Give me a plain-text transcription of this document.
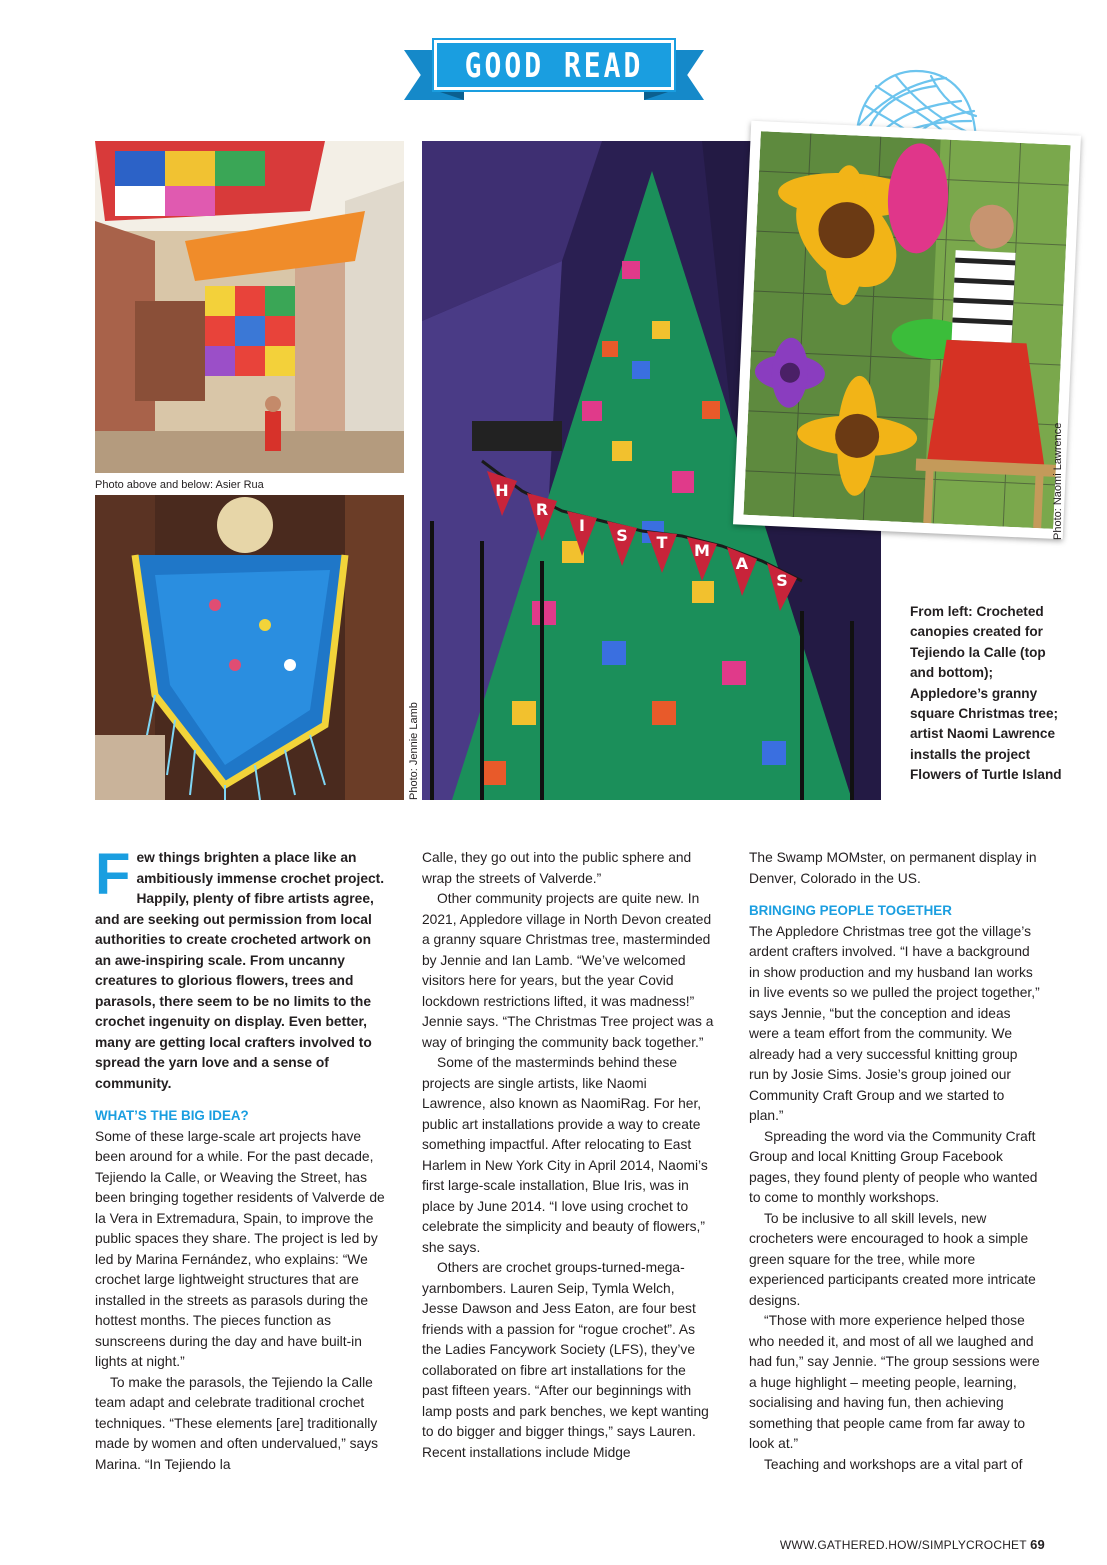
GOOD READ
Photo above and below: Asier Rua	H
R
I
S T M
A
S
Photo: Jennie Lamb
Photo: Naomi Lawrence
From left: Crocheted canopies created for Tejiendo la Calle (top and bottom); Appledore’s granny square Christmas tree; artist Naomi Lawrence installs the project Flowers of Turtle Island

Few things brighten a place like an ambitiously immense crochet project. Happily, plenty of fibre artists agree, and are seeking out permission from local authorities to create crocheted artwork on an awe-inspiring scale. From uncanny creatures to glorious flowers, trees and parasols, there seem to be no limits to the crochet ingenuity on display. Even better, many are getting local crafters involved to spread the yarn love and a sense of community.

WHAT’S THE BIG IDEA?

Some of these large-scale art projects have been around for a while. For the past decade, Tejiendo la Calle, or Weaving the Street, has been bringing together residents of Valverde de la Vera in Extremadura, Spain, to improve the public spaces they share. The project is led by led by Marina Fernández, who explains: “We crochet large lightweight structures that are installed in the streets as parasols during the hottest months. The pieces function as sunscreens during the day and have built-in lights at night.”

To make the parasols, the Tejiendo la Calle team adapt and celebrate traditional crochet techniques. “These elements [are] traditionally made by women and often undervalued,” says Marina. “In Tejiendo la

Calle, they go out into the public sphere and wrap the streets of Valverde.”

Other community projects are quite new. In 2021, Appledore village in North Devon created a granny square Christmas tree, masterminded by Jennie and Ian Lamb. “We’ve welcomed visitors here for years, but the year Covid lockdown restrictions lifted, it was madness!” Jennie says. “The Christmas Tree project was a way of bringing the community back together.”

Some of the masterminds behind these projects are single artists, like Naomi Lawrence, also known as NaomiRag. For her, public art installations provide a way to create something impactful. After relocating to East Harlem in New York City in April 2014, Naomi’s first large-scale installation, Blue Iris, was in place by June 2014. “I love using crochet to celebrate the simplicity and beauty of flowers,” she says.

Others are crochet groups-turned-mega-yarnbombers. Lauren Seip, Tymla Welch, Jesse Dawson and Jess Eaton, are four best friends with a passion for “rogue crochet”. As the Ladies Fancywork Society (LFS), they’ve collaborated on fibre art installations for the past fifteen years. “After our beginnings with lamp posts and park benches, we kept wanting to do bigger and bigger things,” says Lauren. Recent installations include Midge

The Swamp MOMster, on permanent display in Denver, Colorado in the US.

BRINGING PEOPLE TOGETHER

The Appledore Christmas tree got the village’s ardent crafters involved. “I have a background in show production and my husband Ian works in live events so we pulled the project together,” says Jennie, “but the conception and ideas were a team effort from the community. We already had a very successful knitting group run by Josie Sims. Josie’s group joined our Community Craft Group and we started to plan.”

Spreading the word via the Community Craft Group and local Knitting Group Facebook pages, they found plenty of people who wanted to come to monthly workshops.

To be inclusive to all skill levels, new crocheters were encouraged to hook a simple green square for the tree, while more experienced participants created more intricate designs.

“Those with more experience helped those who needed it, and most of all we laughed and had fun,” say Jennie. “The group sessions were a huge highlight – meeting people, learning, socialising and having fun, then achieving something that people came from far away to look at.”

Teaching and workshops are a vital part of

WWW.GATHERED.HOW/SIMPLYCROCHET 69
